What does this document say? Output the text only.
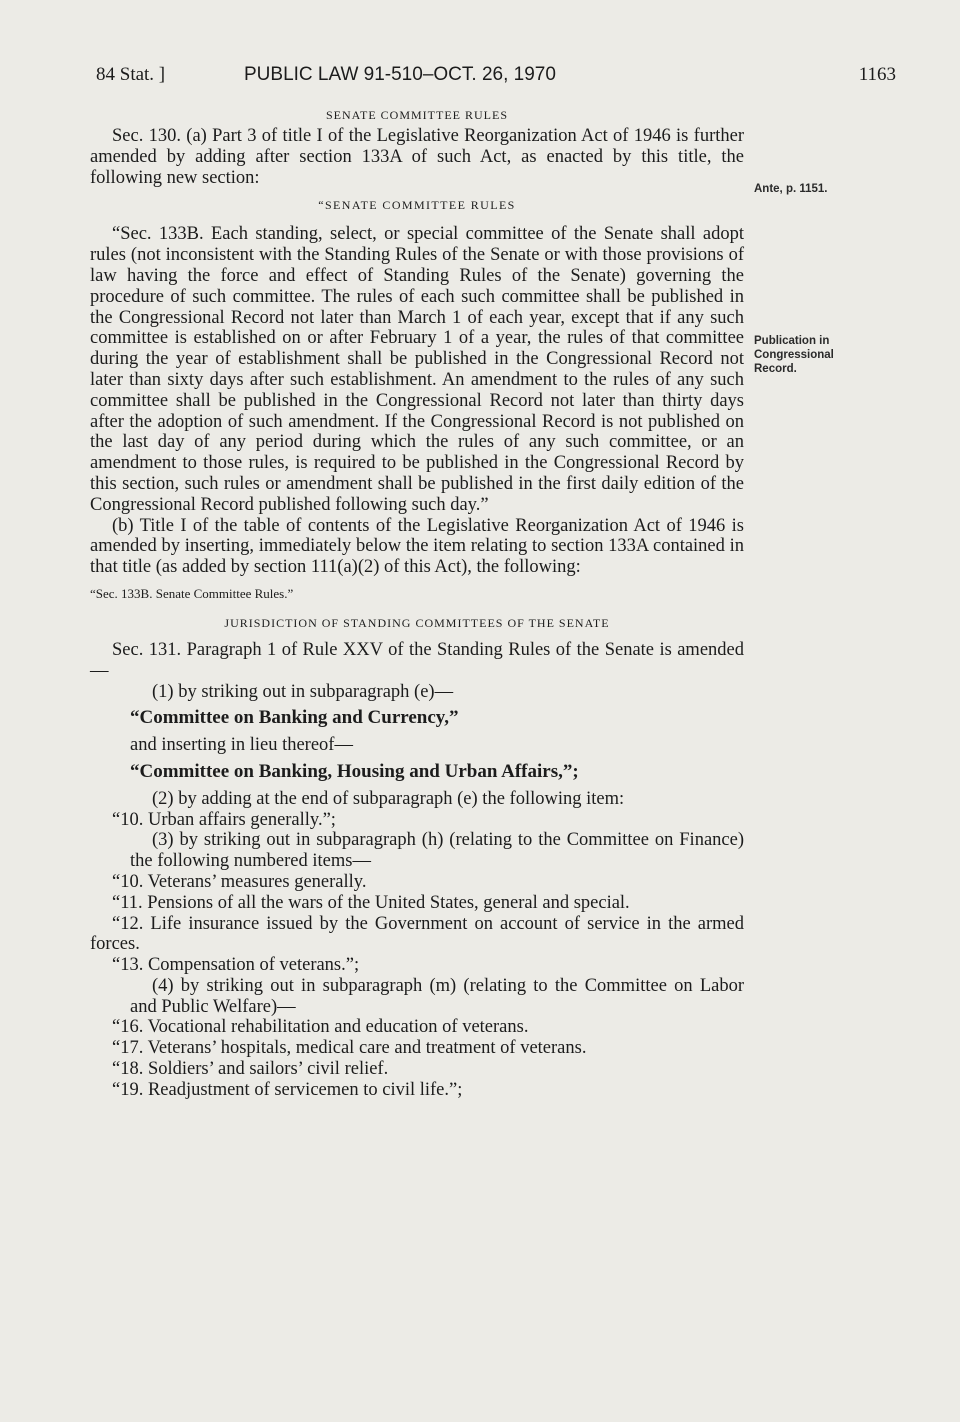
84 Stat. ]	PUBLIC LAW 91-510–OCT. 26, 1970	1163
Ante, p. 1151.
Publication in Congressional Record.

SENATE COMMITTEE RULES

Sec. 130. (a) Part 3 of title I of the Legislative Reorganization Act of 1946 is further amended by adding after section 133A of such Act, as enacted by this title, the following new section:

“SENATE COMMITTEE RULES

“Sec. 133B. Each standing, select, or special committee of the Senate shall adopt rules (not inconsistent with the Standing Rules of the Senate or with those provisions of law having the force and effect of Standing Rules of the Senate) governing the procedure of such committee. The rules of each such committee shall be published in the Congressional Record not later than March 1 of each year, except that if any such committee is established on or after February 1 of a year, the rules of that committee during the year of establishment shall be published in the Congressional Record not later than sixty days after such establishment. An amendment to the rules of any such committee shall be published in the Congressional Record not later than thirty days after the adoption of such amendment. If the Congressional Record is not published on the last day of any period during which the rules of any such committee, or an amendment to those rules, is required to be published in the Congressional Record by this section, such rules or amendment shall be published in the first daily edition of the Congressional Record published following such day.”

(b) Title I of the table of contents of the Legislative Reorganization Act of 1946 is amended by inserting, immediately below the item relating to section 133A contained in that title (as added by section 111(a)(2) of this Act), the following:

“Sec. 133B. Senate Committee Rules.”

JURISDICTION OF STANDING COMMITTEES OF THE SENATE

Sec. 131. Paragraph 1 of Rule XXV of the Standing Rules of the Senate is amended—

(1) by striking out in subparagraph (e)—

“Committee on Banking and Currency,”

and inserting in lieu thereof—

“Committee on Banking, Housing and Urban Affairs,”;

(2) by adding at the end of subparagraph (e) the following item:

“10. Urban affairs generally.”;

(3) by striking out in subparagraph (h) (relating to the Committee on Finance) the following numbered items—

“10. Veterans’ measures generally.

“11. Pensions of all the wars of the United States, general and special.

“12. Life insurance issued by the Government on account of service in the armed forces.

“13. Compensation of veterans.”;

(4) by striking out in subparagraph (m) (relating to the Committee on Labor and Public Welfare)—

“16. Vocational rehabilitation and education of veterans.

“17. Veterans’ hospitals, medical care and treatment of veterans.

“18. Soldiers’ and sailors’ civil relief.

“19. Readjustment of servicemen to civil life.”;
